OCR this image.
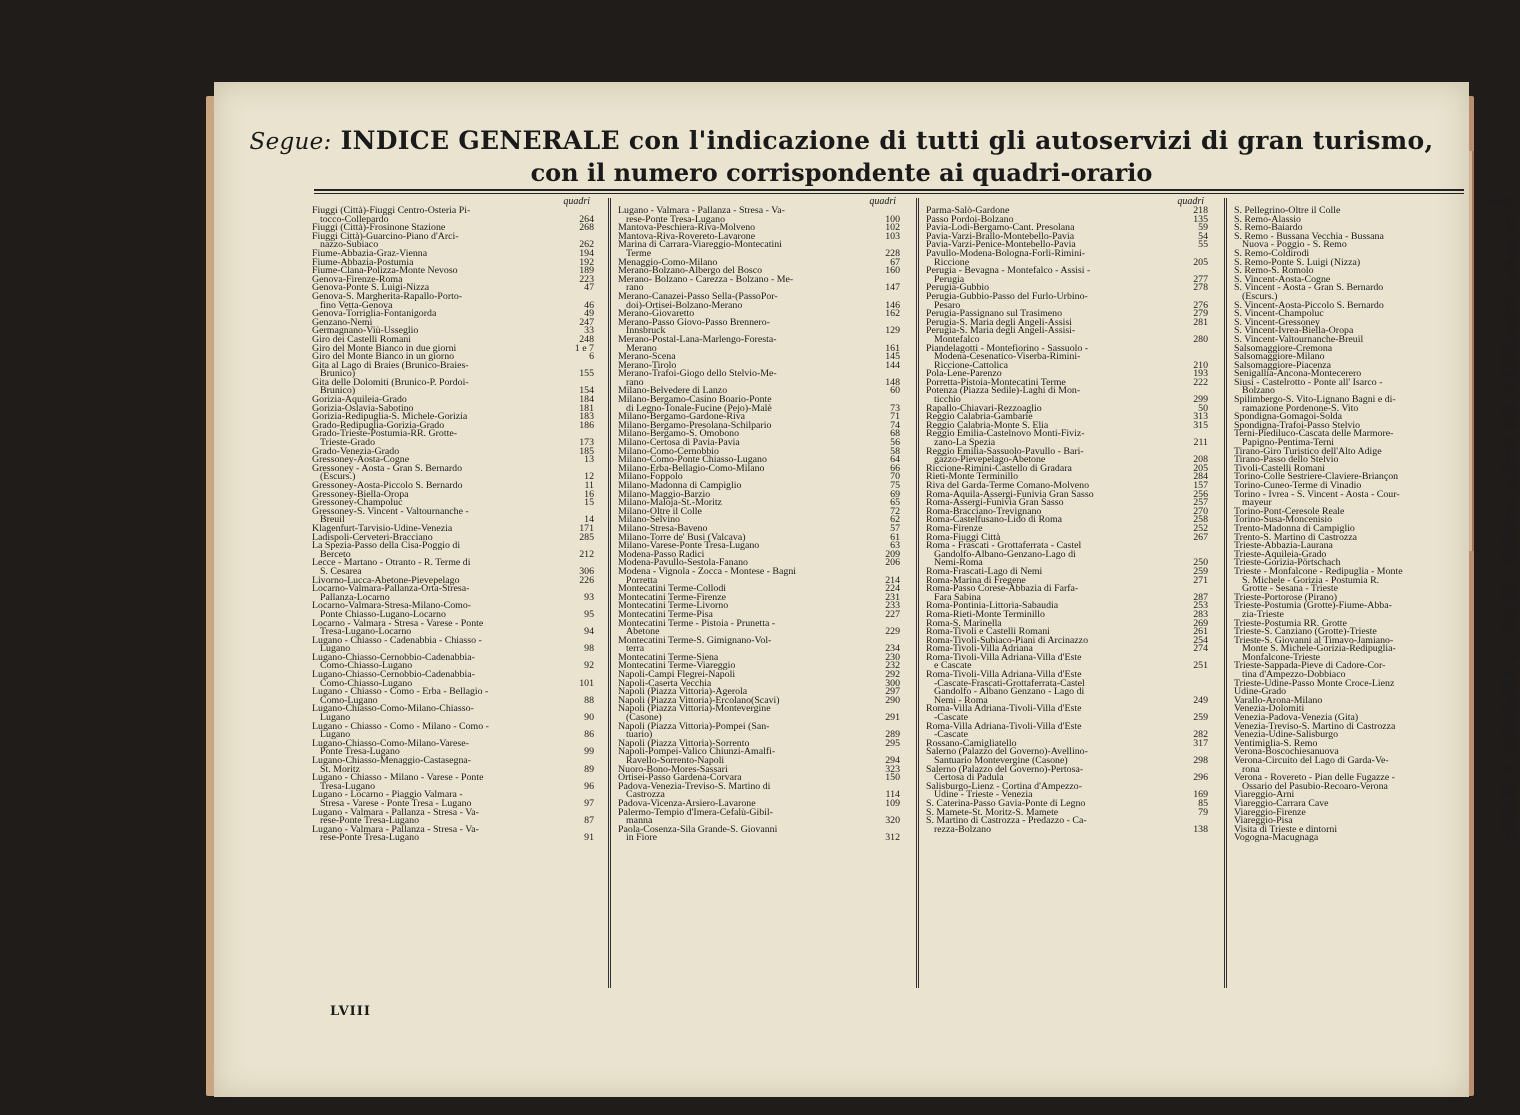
Segue: INDICE GENERALE con l'indicazione di tutti gli autoservizi di gran turismo,
con il numero corrispondente ai quadri-orario
quadri
Fiuggi (Città)-Fiuggi Centro-Osteria Pi-
tocco-Collepardo	264
Fiuggi (Città)-Frosinone Stazione	268
Fiuggi Città)-Guarcino-Piano d'Arci-
nazzo-Subiaco	262
Fiume-Abbazia-Graz-Vienna	194
Fiume-Abbazia-Postumia	192
Fiume-Clana-Polizza-Monte Nevoso	189
Genova-Firenze-Roma	223
Genova-Ponte S. Luigi-Nizza	47
Genova-S. Margherita-Rapallo-Porto-
fino Vetta-Genova	46
Genova-Torriglia-Fontanigorda	49
Genzano-Nemi	247
Germagnano-Viù-Usseglio	33
Giro dei Castelli Romani	248
Giro del Monte Bianco in due giorni	1 e 7
Giro del Monte Bianco in un giorno	6
Gita al Lago di Braies (Brunico-Braies-
Brunico)	155
Gita delle Dolomiti (Brunico-P. Pordoi-
Brunico)	154
Gorizia-Aquileia-Grado	184
Gorizia-Oslavia-Sabotino	181
Gorizia-Redipuglia-S. Michele-Gorizia	183
Grado-Redipuglia-Gorizia-Grado	186
Grado-Trieste-Postumia-RR. Grotte-
Trieste-Grado	173
Grado-Venezia-Grado	185
Gressoney-Aosta-Cogne	13
Gressoney - Aosta - Gran S. Bernardo
(Escurs.)	12
Gressoney-Aosta-Piccolo S. Bernardo	11
Gressoney-Biella-Oropa	16
Gressoney-Champoluc	15
Gressoney-S. Vincent - Valtournanche -
Breuil	14
Klagenfurt-Tarvisio-Udine-Venezia	171
Ladispoli-Cerveteri-Bracciano	285
La Spezia-Passo della Cisa-Poggio di
Berceto	212
Lecce - Martano - Otranto - R. Terme di
S. Cesarea	306
Livorno-Lucca-Abetone-Pievepelago	226
Locarno-Valmara-Pallanza-Orta-Stresa-
Pallanza-Locarno	93
Locarno-Valmara-Stresa-Milano-Como-
Ponte Chiasso-Lugano-Locarno	95
Locarno - Valmara - Stresa - Varese - Ponte
Tresa-Lugano-Locarno	94
Lugano - Chiasso - Cadenabbia - Chiasso -
Lugano	98
Lugano-Chiasso-Cernobbio-Cadenabbia-
Como-Chiasso-Lugano	92
Lugano-Chiasso-Cernobbio-Cadenabbia-
Como-Chiasso-Lugano	101
Lugano - Chiasso - Como - Erba - Bellagio -
Como-Lugano	88
Lugano-Chiasso-Como-Milano-Chiasso-
Lugano	90
Lugano - Chiasso - Como - Milano - Como -
Lugano	86
Lugano-Chiasso-Como-Milano-Varese-
Ponte Tresa-Lugano	99
Lugano-Chiasso-Menaggio-Castasegna-
St. Moritz	89
Lugano - Chiasso - Milano - Varese - Ponte
Tresa-Lugano	96
Lugano - Locarno - Piaggio Valmara -
Stresa - Varese - Ponte Tresa - Lugano	97
Lugano - Valmara - Pallanza - Stresa - Va-
rese-Ponte Tresa-Lugano	87
Lugano - Valmara - Pallanza - Stresa - Va-
rese-Ponte Tresa-Lugano	91
quadri
Lugano - Valmara - Pallanza - Stresa - Va-
rese-Ponte Tresa-Lugano	100
Mantova-Peschiera-Riva-Molveno	102
Mantova-Riva-Rovereto-Lavarone	103
Marina di Carrara-Viareggio-Montecatini
Terme	228
Menaggio-Como-Milano	67
Merano-Bolzano-Albergo del Bosco	160
Merano- Bolzano - Carezza - Bolzano - Me-
rano	147
Merano-Canazei-Passo Sella-(PassoPor-
doi)-Ortisei-Bolzano-Merano	146
Merano-Giovaretto	162
Merano-Passo Giovo-Passo Brennero-
Innsbruck	129
Merano-Postal-Lana-Marlengo-Foresta-
Merano	161
Merano-Scena	145
Merano-Tirolo	144
Merano-Trafoi-Giogo dello Stelvio-Me-
rano	148
Milano-Belvedere di Lanzo	60
Milano-Bergamo-Casino Boario-Ponte
di Legno-Tonale-Fucine (Pejo)-Malè	73
Milano-Bergamo-Gardone-Riva	71
Milano-Bergamo-Presolana-Schilpario	74
Milano-Bergamo-S. Omobono	68
Milano-Certosa di Pavia-Pavia	56
Milano-Como-Cernobbio	58
Milano-Como-Ponte Chiasso-Lugano	64
Milano-Erba-Bellagio-Como-Milano	66
Milano-Foppolo	70
Milano-Madonna di Campiglio	75
Milano-Maggio-Barzio	69
Milano-Maloja-St.-Moritz	65
Milano-Oltre il Colle	72
Milano-Selvino	62
Milano-Stresa-Baveno	57
Milano-Torre de' Busi (Valcava)	61
Milano-Varese-Ponte Tresa-Lugano	63
Modena-Passo Radici	209
Modena-Pavullo-Sestola-Fanano	206
Modena - Vignola - Zocca - Montese - Bagni
Porretta	214
Montecatini Terme-Collodi	224
Montecatini Terme-Firenze	231
Montecatini Terme-Livorno	233
Montecatini Terme-Pisa	227
Montecatini Terme - Pistoia - Prunetta -
Abetone	229
Montecatini Terme-S. Gimignano-Vol-
terra	234
Montecatini Terme-Siena	230
Montecatini Terme-Viareggio	232
Napoli-Campi Flegrei-Napoli	292
Napoli-Caserta Vecchia	300
Napoli (Piazza Vittoria)-Agerola	297
Napoli (Piazza Vittoria)-Ercolano(Scavi)	290
Napoli (Piazza Vittoria)-Montevergine
(Casone)	291
Napoli (Piazza Vittoria)-Pompei (San-
tuario)	289
Napoli (Piazza Vittoria)-Sorrento	295
Napoli-Pompei-Valico Chiunzi-Amalfi-
Ravello-Sorrento-Napoli	294
Nuoro-Bono-Mores-Sassari	323
Ortisei-Passo Gardena-Corvara	150
Padova-Venezia-Treviso-S. Martino di
Castrozza	114
Padova-Vicenza-Arsiero-Lavarone	109
Palermo-Tempio d'Imera-Cefalù-Gibil-
manna	320
Paola-Cosenza-Sila Grande-S. Giovanni
in Fiore	312
quadri
Parma-Salò-Gardone	218
Passo Pordoi-Bolzano	135
Pavia-Lodi-Bergamo-Cant. Presolana	59
Pavia-Varzi-Brallo-Montebello-Pavia	54
Pavia-Varzi-Penice-Montebello-Pavia	55
Pavullo-Modena-Bologna-Forlì-Rimini-
Riccione	205
Perugia - Bevagna - Montefalco - Assisi -
Perugia	277
Perugia-Gubbio	278
Perugia-Gubbio-Passo del Furlo-Urbino-
Pesaro	276
Perugia-Passignano sul Trasimeno	279
Perugia-S. Maria degli Angeli-Assisi	281
Perugia-S. Maria degli Angeli-Assisi-
Montefalco	280
Piandelagotti - Montefiorino - Sassuolo -
Modena-Cesenatico-Viserba-Rimini-
Riccione-Cattolica	210
Pola-Lene-Parenzo	193
Porretta-Pistoia-Montecatini Terme	222
Potenza (Piazza Sedile)-Laghi di Mon-
ticchio	299
Rapallo-Chiavari-Rezzoaglio	50
Reggio Calabria-Gambarie	313
Reggio Calabria-Monte S. Elia	315
Reggio Emilia-Castelnovo Monti-Fiviz-
zano-La Spezia	211
Reggio Emilia-Sassuolo-Pavullo - Bari-
gazzo-Pievepelago-Abetone	208
Riccione-Rimini-Castello di Gradara	205
Rieti-Monte Terminillo	284
Riva del Garda-Terme Comano-Molveno	157
Roma-Aquila-Assergi-Funivia Gran Sasso	256
Roma-Assergi-Funivia Gran Sasso	257
Roma-Bracciano-Trevignano	270
Roma-Castelfusano-Lido di Roma	258
Roma-Firenze	252
Roma-Fiuggi Città	267
Roma - Frascati - Grottaferrata - Castel
Gandolfo-Albano-Genzano-Lago di
Nemi-Roma	250
Roma-Frascati-Lago di Nemi	259
Roma-Marina di Fregene	271
Roma-Passo Corese-Abbazia di Farfa-
Fara Sabina	287
Roma-Pontinia-Littoria-Sabaudia	253
Roma-Rieti-Monte Terminillo	283
Roma-S. Marinella	269
Roma-Tivoli e Castelli Romani	261
Roma-Tivoli-Subiaco-Piani di Arcinazzo	254
Roma-Tivoli-Villa Adriana	274
Roma-Tivoli-Villa Adriana-Villa d'Este
e Cascate	251
Roma-Tivoli-Villa Adriana-Villa d'Este
-Cascate-Frascati-Grottaferrata-Castel
Gandolfo - Albano Genzano - Lago di
Nemi - Roma	249
Roma-Villa Adriana-Tivoli-Villa d'Este
-Cascate	259
Roma-Villa Adriana-Tivoli-Villa d'Este
-Cascate	282
Rossano-Camigliatello	317
Salerno (Palazzo del Governo)-Avellino-
Santuario Montevergine (Casone)	298
Salerno (Palazzo del Governo)-Pertosa-
Certosa di Padula	296
Salisburgo-Lienz - Cortina d'Ampezzo-
Udine - Trieste - Venezia	169
S. Caterina-Passo Gavia-Ponte di Legno	85
S. Mamete-St. Moritz-S. Mamete	79
S. Martino di Castrozza - Predazzo - Ca-
rezza-Bolzano	138
quadri
S. Pellegrino-Oltre il Colle	77
S. Remo-Alassio	41
S. Remo-Baiardo	43
S. Remo - Bussana Vecchia - Bussana
Nuova - Poggio - S. Remo	45
S. Remo-Coldirodi	44
S. Remo-Ponte S. Luigi (Nizza)	40
S. Remo-S. Romolo	42
S. Vincent-Aosta-Cogne	26
S. Vincent - Aosta - Gran S. Bernardo
(Escurs.)	25
S. Vincent-Aosta-Piccolo S. Bernardo	27
S. Vincent-Champoluc	28
S. Vincent-Gressoney	29
S. Vincent-Ivrea-Biella-Oropa	30
S. Vincent-Valtournanche-Breuil	24
Salsomaggiore-Cremona	215
Salsomaggiore-Milano	217
Salsomaggiore-Piacenza	216
Senigallia-Ancona-Montecerero	286
Siusi - Castelrotto - Ponte all' Isarco -
Bolzano	151
Spilimbergo-S. Vito-Lignano Bagni e di-
ramazione Pordenone-S. Vito	168
Spondigna-Gomagoi-Solda	131
Spondigna-Trafoi-Passo Stelvio	136
Terni-Piediluco-Cascata delle Marmore-
Papigno-Pentima-Terni	273
Tirano-Giro Turistico dell'Alto Adige	83
Tirano-Passo dello Stelvio	81
Tivoli-Castelli Romani	275
Torino-Colle Sestriere-Claviere-Briançon	9
Torino-Cuneo-Terme di Vinadio	36
Torino - Ivrea - S. Vincent - Aosta - Cour-
mayeur	23
Torino-Pont-Ceresole Reale	32
Torino-Susa-Moncenisio	31
Trento-Madonna di Campiglio	158
Trento-S. Martino di Castrozza	159
Trieste-Abbazia-Laurana	179
Trieste-Aquileia-Grado	188
Trieste-Gorizia-Pörtschach	182
Trieste - Monfalcone - Redipuglia - Monte
S. Michele - Gorizia - Postumia R.
Grotte - Sesana - Trieste	174
Trieste-Portorose (Pirano)	170
Trieste-Postumia (Grotte)-Fiume-Abba-
zia-Trieste	178
Trieste-Postumia RR. Grotte	177
Trieste-S. Canziano (Grotte)-Trieste	175
Trieste-S. Giovanni al Timavo-Jamiano-
Monte S. Michele-Gorizia-Redipuglia-
Monfalcone-Trieste	176
Trieste-Sappada-Pieve di Cadore-Cor-
tina d'Ampezzo-Dobbiaco	180
Trieste-Udine-Passo Monte Croce-Lienz	190
Udine-Grado	167
Varallo-Arona-Milano	10
Venezia-Dolomiti	166
Venezia-Padova-Venezia (Gita)	115
Venezia-Treviso-S. Martino di Castrozza	116
Venezia-Udine-Salisburgo	187
Ventimiglia-S. Remo	38
Verona-Boscochiesanuova	110
Verona-Circuito del Lago di Garda-Ve-
rona	107
Verona - Rovereto - Pian delle Fugazze -
Ossario del Pasubio-Recoaro-Verona	108
Viareggio-Arni	245
Viareggio-Carrara Cave	236
Viareggio-Firenze	235
Viareggio-Pisa	237
Visita di Trieste e dintorni	172
Vogogna-Macugnaga	53
LVIII
